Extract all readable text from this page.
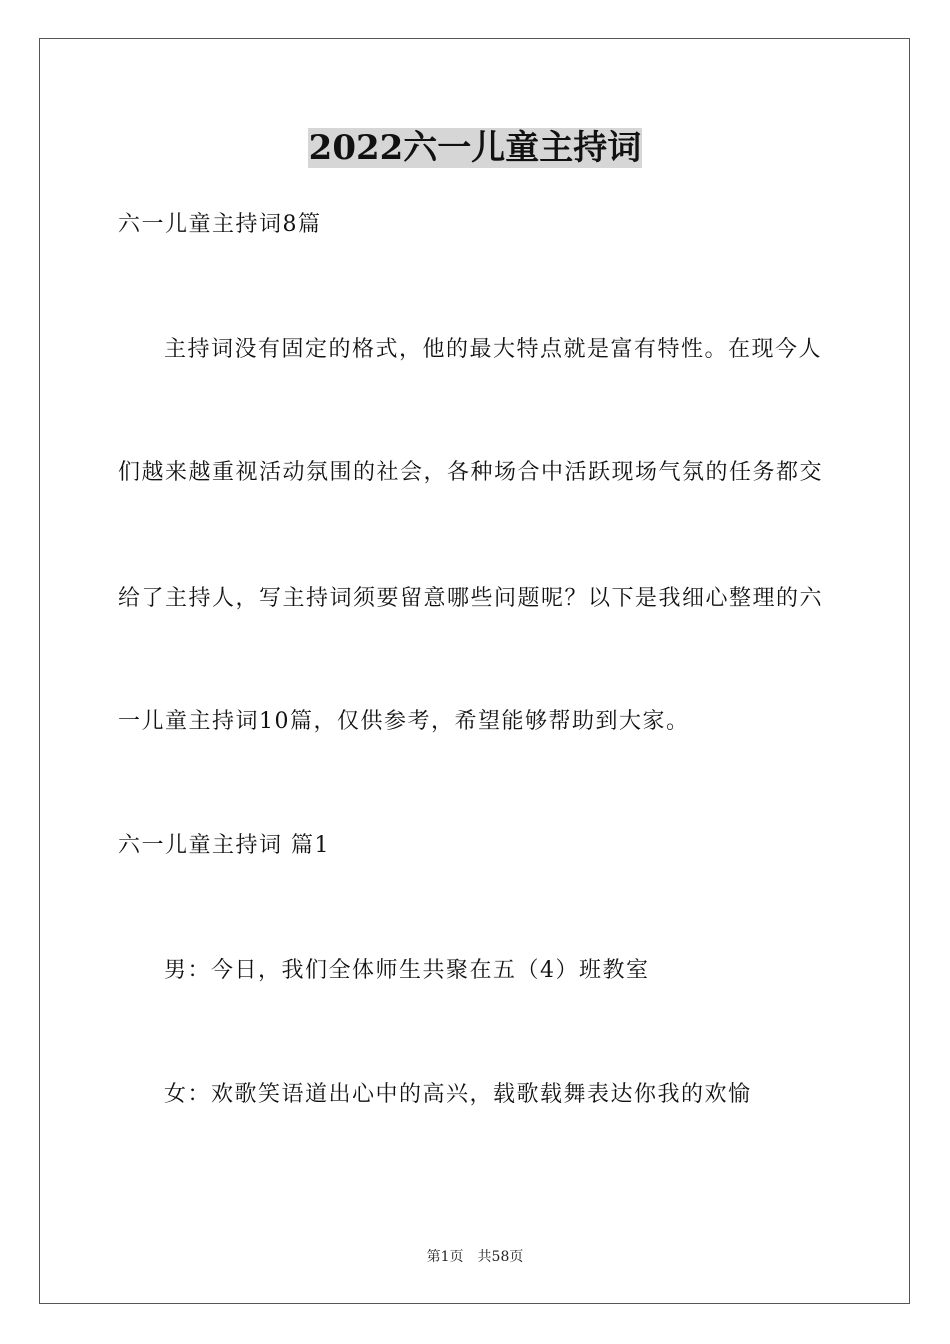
2022六一儿童主持词

六一儿童主持词8篇

主持词没有固定的格式，他的最大特点就是富有特性。在现今人

们越来越重视活动氛围的社会，各种场合中活跃现场气氛的任务都交

给了主持人，写主持词须要留意哪些问题呢？以下是我细心整理的六

一儿童主持词10篇，仅供参考，希望能够帮助到大家。

六一儿童主持词 篇1

男：今日，我们全体师生共聚在五（4）班教室

女：欢歌笑语道出心中的高兴，载歌载舞表达你我的欢愉

第1页 共58页
